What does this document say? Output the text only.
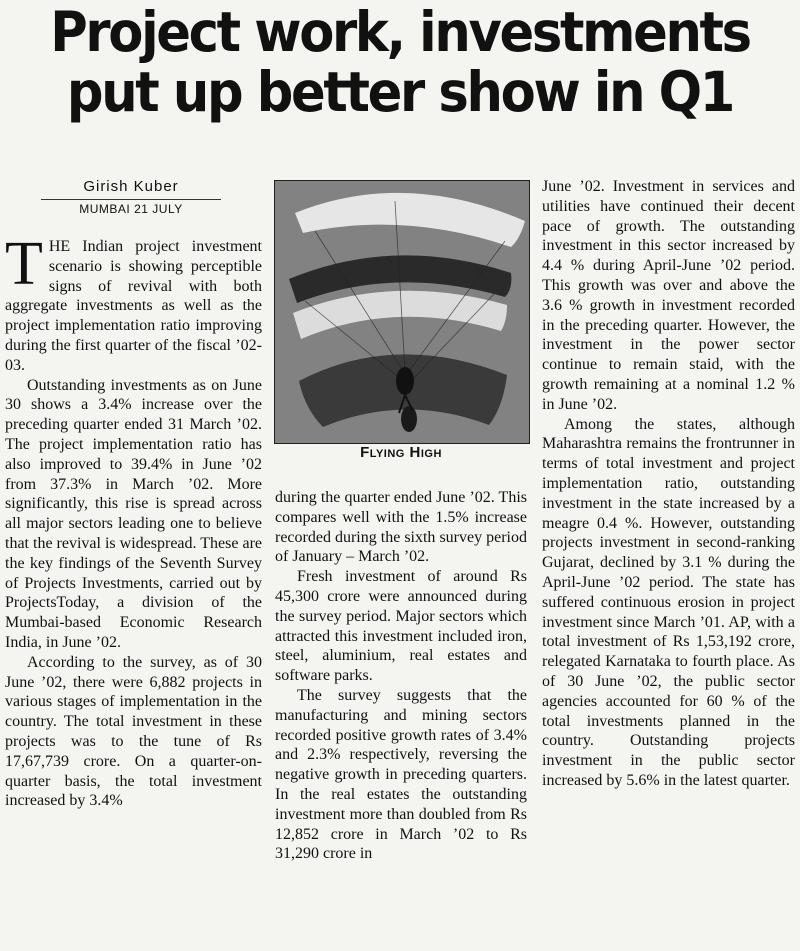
Project work, investments
put up better show in Q1
Girish Kuber
MUMBAI 21 JULY

THE Indian project investment scenario is showing perceptible signs of revival with both aggregate investments as well as the project implementation ratio improving during the first quarter of the fiscal ’02-03.

Outstanding investments as on June 30 shows a 3.4% increase over the preceding quarter ended 31 March ’02. The project implementation ratio has also improved to 39.4% in June ’02 from 37.3% in March ’02. More significantly, this rise is spread across all major sectors leading one to believe that the revival is widespread. These are the key findings of the Seventh Survey of Projects Investments, carried out by ProjectsToday, a division of the Mumbai-based Economic Research India, in June ’02.

According to the survey, as of 30 June ’02, there were 6,882 projects in various stages of implementation in the country. The total investment in these projects was to the tune of Rs 17,67,739 crore. On a quarter-on-quarter basis, the total investment increased by 3.4%

Flying High

during the quarter ended June ’02. This compares well with the 1.5% increase recorded during the sixth survey period of January – March ’02.

Fresh investment of around Rs 45,300 crore were announced during the survey period. Major sectors which attracted this investment included iron, steel, aluminium, real estates and software parks.

The survey suggests that the manufacturing and mining sectors recorded positive growth rates of 3.4% and 2.3% respectively, reversing the negative growth in preceding quarters. In the real estates the outstanding investment more than doubled from Rs 12,852 crore in March ’02 to Rs 31,290 crore in

June ’02. Investment in services and utilities have continued their decent pace of growth. The outstanding investment in this sector increased by 4.4 % during April-June ’02 period. This growth was over and above the 3.6 % growth in investment recorded in the preceding quarter. However, the investment in the power sector continue to remain staid, with the growth remaining at a nominal 1.2 % in June ’02.

Among the states, although Maharashtra remains the frontrunner in terms of total investment and project implementation ratio, outstanding investment in the state increased by a meagre 0.4 %. However, outstanding projects investment in second-ranking Gujarat, declined by 3.1 % during the April-June ’02 period. The state has suffered continuous erosion in project investment since March ’01. AP, with a total investment of Rs 1,53,192 crore, relegated Karnataka to fourth place. As of 30 June ’02, the public sector agencies accounted for 60 % of the total investments planned in the country. Outstanding projects investment in the public sector increased by 5.6% in the latest quarter.
